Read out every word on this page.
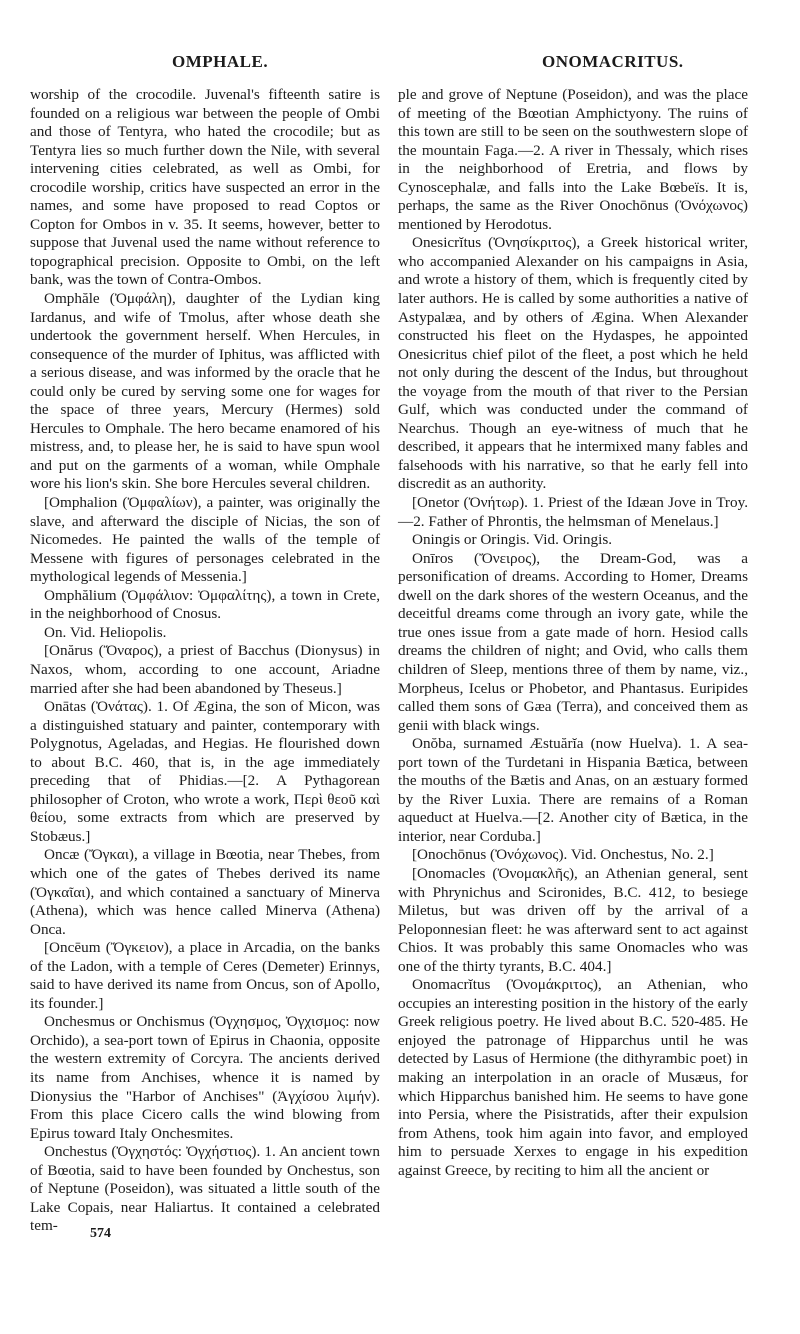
OMPHALE.	ONOMACRITUS.

worship of the crocodile. Juvenal's fifteenth satire is founded on a religious war between the people of Ombi and those of Tentyra, who hated the crocodile; but as Tentyra lies so much further down the Nile, with several intervening cities celebrated, as well as Ombi, for crocodile worship, critics have suspected an error in the names, and some have proposed to read Coptos or Copton for Ombos in v. 35. It seems, however, better to suppose that Juvenal used the name without reference to topographical precision. Opposite to Ombi, on the left bank, was the town of Contra-Ombos.

Omphăle (Ὀμφάλη), daughter of the Lydian king Iardanus, and wife of Tmolus, after whose death she undertook the government herself. When Hercules, in consequence of the murder of Iphitus, was afflicted with a serious disease, and was informed by the oracle that he could only be cured by serving some one for wages for the space of three years, Mercury (Hermes) sold Hercules to Omphale. The hero became enamored of his mistress, and, to please her, he is said to have spun wool and put on the garments of a woman, while Omphale wore his lion's skin. She bore Hercules several children.

[Omphalion (Ὀμφαλίων), a painter, was originally the slave, and afterward the disciple of Nicias, the son of Nicomedes. He painted the walls of the temple of Messene with figures of personages celebrated in the mythological legends of Messenia.]

Omphălium (Ὀμφάλιον: Ὀμφαλίτης), a town in Crete, in the neighborhood of Cnosus.

On. Vid. Heliopolis.

[Onărus (Ὄναρος), a priest of Bacchus (Dionysus) in Naxos, whom, according to one account, Ariadne married after she had been abandoned by Theseus.]

Onātas (Ὀνάτας). 1. Of Ægina, the son of Micon, was a distinguished statuary and painter, contemporary with Polygnotus, Ageladas, and Hegias. He flourished down to about B.C. 460, that is, in the age immediately preceding that of Phidias.—[2. A Pythagorean philosopher of Croton, who wrote a work, Περὶ θεοῦ καὶ θείου, some extracts from which are preserved by Stobæus.]

Oncæ (Ὄγκαι), a village in Bœotia, near Thebes, from which one of the gates of Thebes derived its name (Ὀγκαῖαι), and which contained a sanctuary of Minerva (Athena), which was hence called Minerva (Athena) Onca.

[Oncēum (Ὄγκειον), a place in Arcadia, on the banks of the Ladon, with a temple of Ceres (Demeter) Erinnys, said to have derived its name from Oncus, son of Apollo, its founder.]

Onchesmus or Onchismus (Ὀγχησμος, Ὀγχισμος: now Orchido), a sea-port town of Epirus in Chaonia, opposite the western extremity of Corcyra. The ancients derived its name from Anchises, whence it is named by Dionysius the "Harbor of Anchises" (Ἀγχίσου λιμήν). From this place Cicero calls the wind blowing from Epirus toward Italy Onchesmites.

Onchestus (Ὀγχηστός: Ὀγχήστιος). 1. An ancient town of Bœotia, said to have been founded by Onchestus, son of Neptune (Poseidon), was situated a little south of the Lake Copais, near Haliartus. It contained a celebrated tem-

ple and grove of Neptune (Poseidon), and was the place of meeting of the Bœotian Amphictyony. The ruins of this town are still to be seen on the southwestern slope of the mountain Faga.—2. A river in Thessaly, which rises in the neighborhood of Eretria, and flows by Cynoscephalæ, and falls into the Lake Bœbeïs. It is, perhaps, the same as the River Onochōnus (Ὀνόχωνος) mentioned by Herodotus.

Onesicrĭtus (Ὀνησίκριτος), a Greek historical writer, who accompanied Alexander on his campaigns in Asia, and wrote a history of them, which is frequently cited by later authors. He is called by some authorities a native of Astypalæa, and by others of Ægina. When Alexander constructed his fleet on the Hydaspes, he appointed Onesicritus chief pilot of the fleet, a post which he held not only during the descent of the Indus, but throughout the voyage from the mouth of that river to the Persian Gulf, which was conducted under the command of Nearchus. Though an eye-witness of much that he described, it appears that he intermixed many fables and falsehoods with his narrative, so that he early fell into discredit as an authority.

[Onetor (Ὀνήτωρ). 1. Priest of the Idæan Jove in Troy.—2. Father of Phrontis, the helmsman of Menelaus.]

Oningis or Oringis. Vid. Oringis.

Onīros (Ὄνειρος), the Dream-God, was a personification of dreams. According to Homer, Dreams dwell on the dark shores of the western Oceanus, and the deceitful dreams come through an ivory gate, while the true ones issue from a gate made of horn. Hesiod calls dreams the children of night; and Ovid, who calls them children of Sleep, mentions three of them by name, viz., Morpheus, Icelus or Phobetor, and Phantasus. Euripides called them sons of Gæa (Terra), and conceived them as genii with black wings.

Onŏba, surnamed Æstuărĭa (now Huelva). 1. A sea-port town of the Turdetani in Hispania Bætica, between the mouths of the Bætis and Anas, on an æstuary formed by the River Luxia. There are remains of a Roman aqueduct at Huelva.—[2. Another city of Bætica, in the interior, near Corduba.]

[Onochōnus (Ὀνόχωνος). Vid. Onchestus, No. 2.]

[Onomacles (Ὀνομακλῆς), an Athenian general, sent with Phrynichus and Scironides, B.C. 412, to besiege Miletus, but was driven off by the arrival of a Peloponnesian fleet: he was afterward sent to act against Chios. It was probably this same Onomacles who was one of the thirty tyrants, B.C. 404.]

Onomacrĭtus (Ὀνομάκριτος), an Athenian, who occupies an interesting position in the history of the early Greek religious poetry. He lived about B.C. 520-485. He enjoyed the patronage of Hipparchus until he was detected by Lasus of Hermione (the dithyrambic poet) in making an interpolation in an oracle of Musæus, for which Hipparchus banished him. He seems to have gone into Persia, where the Pisistratids, after their expulsion from Athens, took him again into favor, and employed him to persuade Xerxes to engage in his expedition against Greece, by reciting to him all the ancient or

574
